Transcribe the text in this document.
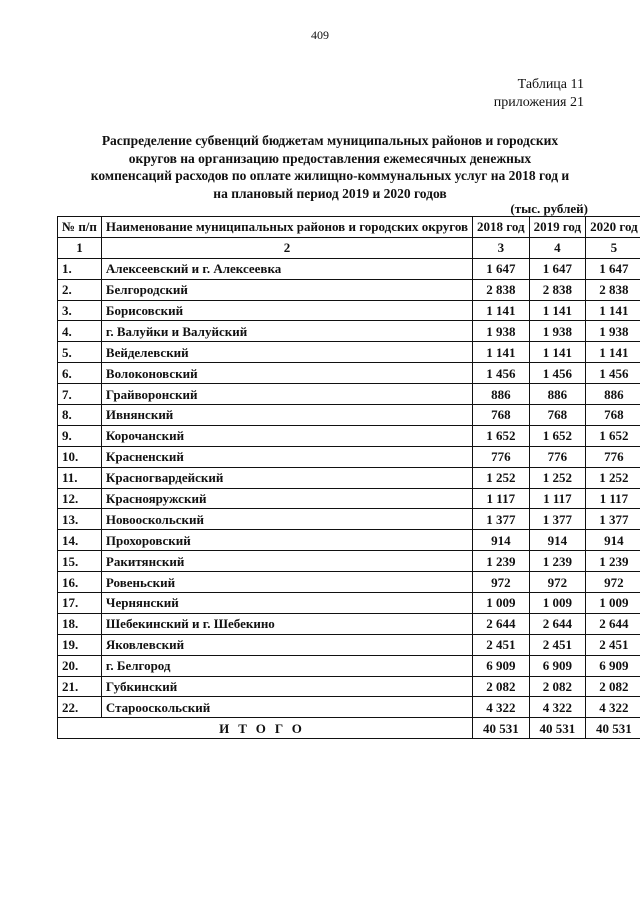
409
Таблица 11
приложения 21
Распределение субвенций бюджетам муниципальных районов и городских округов на организацию предоставления ежемесячных денежных компенсаций расходов по оплате жилищно-коммунальных услуг на 2018 год и на плановый период 2019 и 2020 годов
(тыс. рублей)
№ п/п	Наименование муниципальных районов и городских округов	2018 год	2019 год	2020 год
1	2	3	4	5
1.	Алексеевский и г. Алексеевка	1 647	1 647	1 647
2.	Белгородский	2 838	2 838	2 838
3.	Борисовский	1 141	1 141	1 141
4.	г. Валуйки и Валуйский	1 938	1 938	1 938
5.	Вейделевский	1 141	1 141	1 141
6.	Волоконовский	1 456	1 456	1 456
7.	Грайворонский	886	886	886
8.	Ивнянский	768	768	768
9.	Корочанский	1 652	1 652	1 652
10.	Красненский	776	776	776
11.	Красногвардейский	1 252	1 252	1 252
12.	Краснояружский	1 117	1 117	1 117
13.	Новооскольский	1 377	1 377	1 377
14.	Прохоровский	914	914	914
15.	Ракитянский	1 239	1 239	1 239
16.	Ровеньский	972	972	972
17.	Чернянский	1 009	1 009	1 009
18.	Шебекинский и г. Шебекино	2 644	2 644	2 644
19.	Яковлевский	2 451	2 451	2 451
20.	г. Белгород	6 909	6 909	6 909
21.	Губкинский	2 082	2 082	2 082
22.	Старооскольский	4 322	4 322	4 322
ИТОГО		40 531	40 531	40 531
